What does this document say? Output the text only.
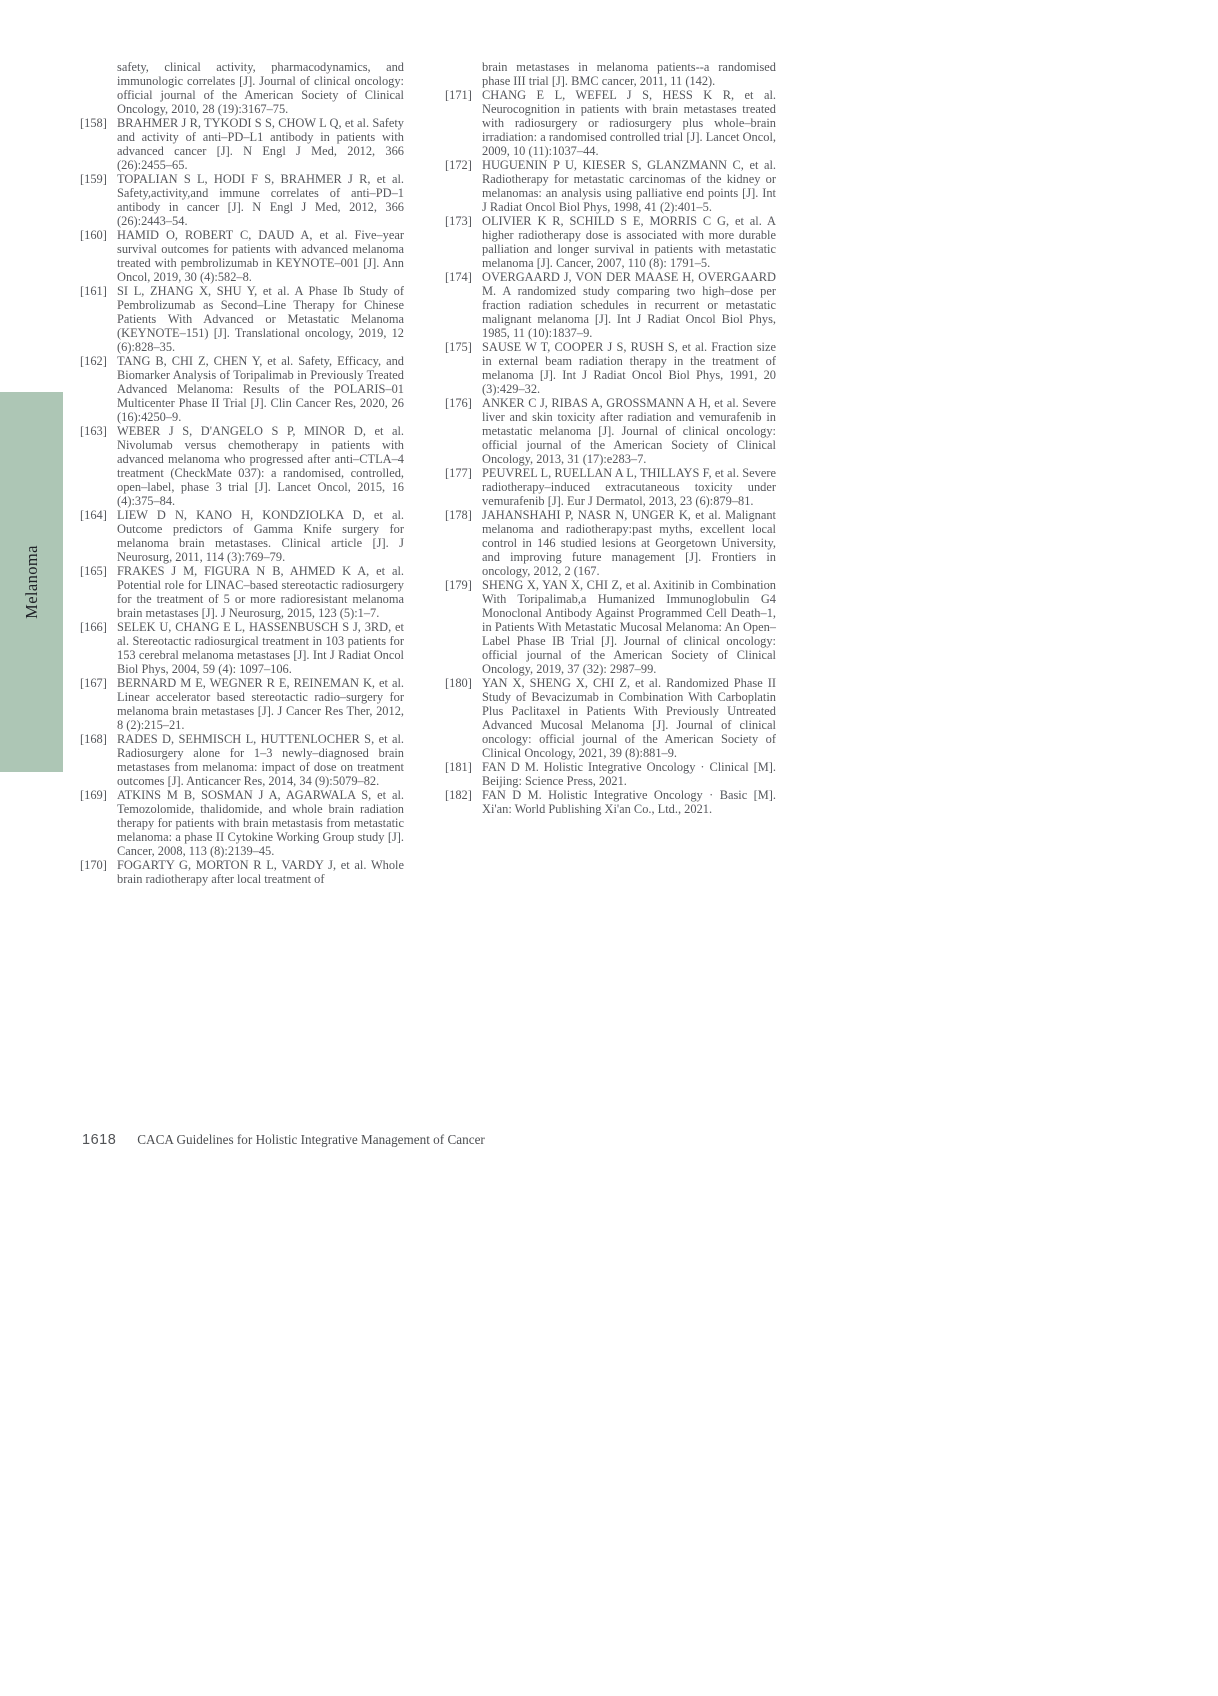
Melanoma
safety, clinical activity, pharmacodynamics, and immunologic correlates [J]. Journal of clinical oncology: official journal of the American Society of Clinical Oncology, 2010, 28 (19):3167–75.
[158] BRAHMER J R, TYKODI S S, CHOW L Q, et al. Safety and activity of anti–PD–L1 antibody in patients with advanced cancer [J]. N Engl J Med, 2012, 366 (26):2455–65.
[159] TOPALIAN S L, HODI F S, BRAHMER J R, et al. Safety,activity,and immune correlates of anti–PD–1 antibody in cancer [J]. N Engl J Med, 2012, 366 (26):2443–54.
[160] HAMID O, ROBERT C, DAUD A, et al. Five–year survival outcomes for patients with advanced melanoma treated with pembrolizumab in KEYNOTE–001 [J]. Ann Oncol, 2019, 30 (4):582–8.
[161] SI L, ZHANG X, SHU Y, et al. A Phase Ib Study of Pembrolizumab as Second–Line Therapy for Chinese Patients With Advanced or Metastatic Melanoma (KEYNOTE–151) [J]. Translational oncology, 2019, 12 (6):828–35.
[162] TANG B, CHI Z, CHEN Y, et al. Safety, Efficacy, and Biomarker Analysis of Toripalimab in Previously Treated Advanced Melanoma: Results of the POLARIS–01 Multicenter Phase II Trial [J]. Clin Cancer Res, 2020, 26 (16):4250–9.
[163] WEBER J S, D'ANGELO S P, MINOR D, et al. Nivolumab versus chemotherapy in patients with advanced melanoma who progressed after anti–CTLA–4 treatment (CheckMate 037): a randomised, controlled, open–label, phase 3 trial [J]. Lancet Oncol, 2015, 16 (4):375–84.
[164] LIEW D N, KANO H, KONDZIOLKA D, et al. Outcome predictors of Gamma Knife surgery for melanoma brain metastases. Clinical article [J]. J Neurosurg, 2011, 114 (3):769–79.
[165] FRAKES J M, FIGURA N B, AHMED K A, et al. Potential role for LINAC–based stereotactic radiosurgery for the treatment of 5 or more radioresistant melanoma brain metastases [J]. J Neurosurg, 2015, 123 (5):1–7.
[166] SELEK U, CHANG E L, HASSENBUSCH S J, 3RD, et al. Stereotactic radiosurgical treatment in 103 patients for 153 cerebral melanoma metastases [J]. Int J Radiat Oncol Biol Phys, 2004, 59 (4): 1097–106.
[167] BERNARD M E, WEGNER R E, REINEMAN K, et al. Linear accelerator based stereotactic radio–surgery for melanoma brain metastases [J]. J Cancer Res Ther, 2012, 8 (2):215–21.
[168] RADES D, SEHMISCH L, HUTTENLOCHER S, et al. Radiosurgery alone for 1–3 newly–diagnosed brain metastases from melanoma: impact of dose on treatment outcomes [J]. Anticancer Res, 2014, 34 (9):5079–82.
[169] ATKINS M B, SOSMAN J A, AGARWALA S, et al. Temozolomide, thalidomide, and whole brain radiation therapy for patients with brain metastasis from metastatic melanoma: a phase II Cytokine Working Group study [J]. Cancer, 2008, 113 (8):2139–45.
[170] FOGARTY G, MORTON R L, VARDY J, et al. Whole brain radiotherapy after local treatment of
brain metastases in melanoma patients--a randomised phase III trial [J]. BMC cancer, 2011, 11 (142).
[171] CHANG E L, WEFEL J S, HESS K R, et al. Neurocognition in patients with brain metastases treated with radiosurgery or radiosurgery plus whole–brain irradiation: a randomised controlled trial [J]. Lancet Oncol, 2009, 10 (11):1037–44.
[172] HUGUENIN P U, KIESER S, GLANZMANN C, et al. Radiotherapy for metastatic carcinomas of the kidney or melanomas: an analysis using palliative end points [J]. Int J Radiat Oncol Biol Phys, 1998, 41 (2):401–5.
[173] OLIVIER K R, SCHILD S E, MORRIS C G, et al. A higher radiotherapy dose is associated with more durable palliation and longer survival in patients with metastatic melanoma [J]. Cancer, 2007, 110 (8): 1791–5.
[174] OVERGAARD J, VON DER MAASE H, OVERGAARD M. A randomized study comparing two high–dose per fraction radiation schedules in recurrent or metastatic malignant melanoma [J]. Int J Radiat Oncol Biol Phys, 1985, 11 (10):1837–9.
[175] SAUSE W T, COOPER J S, RUSH S, et al. Fraction size in external beam radiation therapy in the treatment of melanoma [J]. Int J Radiat Oncol Biol Phys, 1991, 20 (3):429–32.
[176] ANKER C J, RIBAS A, GROSSMANN A H, et al. Severe liver and skin toxicity after radiation and vemurafenib in metastatic melanoma [J]. Journal of clinical oncology: official journal of the American Society of Clinical Oncology, 2013, 31 (17):e283–7.
[177] PEUVREL L, RUELLAN A L, THILLAYS F, et al. Severe radiotherapy–induced extracutaneous toxicity under vemurafenib [J]. Eur J Dermatol, 2013, 23 (6):879–81.
[178] JAHANSHAHI P, NASR N, UNGER K, et al. Malignant melanoma and radiotherapy:past myths, excellent local control in 146 studied lesions at Georgetown University, and improving future management [J]. Frontiers in oncology, 2012, 2 (167.
[179] SHENG X, YAN X, CHI Z, et al. Axitinib in Combination With Toripalimab,a Humanized Immunoglobulin G4 Monoclonal Antibody Against Programmed Cell Death–1, in Patients With Metastatic Mucosal Melanoma: An Open–Label Phase IB Trial [J]. Journal of clinical oncology: official journal of the American Society of Clinical Oncology, 2019, 37 (32): 2987–99.
[180] YAN X, SHENG X, CHI Z, et al. Randomized Phase II Study of Bevacizumab in Combination With Carboplatin Plus Paclitaxel in Patients With Previously Untreated Advanced Mucosal Melanoma [J]. Journal of clinical oncology: official journal of the American Society of Clinical Oncology, 2021, 39 (8):881–9.
[181] FAN D M. Holistic Integrative Oncology · Clinical [M]. Beijing: Science Press, 2021.
[182] FAN D M. Holistic Integrative Oncology · Basic [M]. Xi'an: World Publishing Xi'an Co., Ltd., 2021.
1618 CACA Guidelines for Holistic Integrative Management of Cancer
